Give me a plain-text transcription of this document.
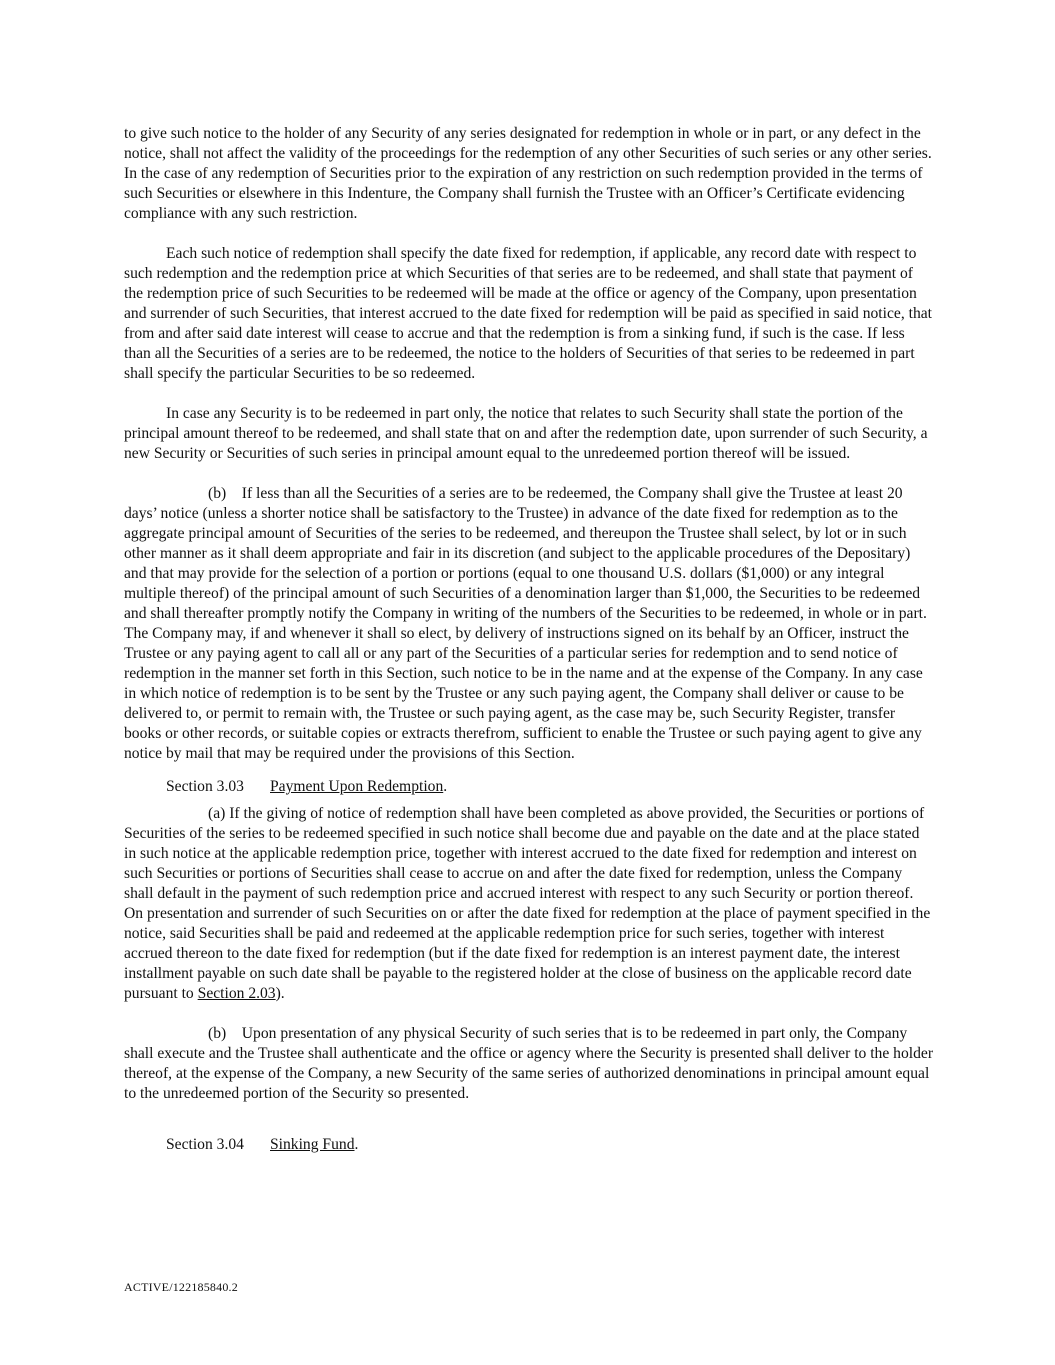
to give such notice to the holder of any Security of any series designated for redemption in whole or in part, or any defect in the notice, shall not affect the validity of the proceedings for the redemption of any other Securities of such series or any other series. In the case of any redemption of Securities prior to the expiration of any restriction on such redemption provided in the terms of such Securities or elsewhere in this Indenture, the Company shall furnish the Trustee with an Officer’s Certificate evidencing compliance with any such restriction.

Each such notice of redemption shall specify the date fixed for redemption, if applicable, any record date with respect to such redemption and the redemption price at which Securities of that series are to be redeemed, and shall state that payment of the redemption price of such Securities to be redeemed will be made at the office or agency of the Company, upon presentation and surrender of such Securities, that interest accrued to the date fixed for redemption will be paid as specified in said notice, that from and after said date interest will cease to accrue and that the redemption is from a sinking fund, if such is the case. If less than all the Securities of a series are to be redeemed, the notice to the holders of Securities of that series to be redeemed in part shall specify the particular Securities to be so redeemed.

In case any Security is to be redeemed in part only, the notice that relates to such Security shall state the portion of the principal amount thereof to be redeemed, and shall state that on and after the redemption date, upon surrender of such Security, a new Security or Securities of such series in principal amount equal to the unredeemed portion thereof will be issued.

(b)    If less than all the Securities of a series are to be redeemed, the Company shall give the Trustee at least 20 days’ notice (unless a shorter notice shall be satisfactory to the Trustee) in advance of the date fixed for redemption as to the aggregate principal amount of Securities of the series to be redeemed, and thereupon the Trustee shall select, by lot or in such other manner as it shall deem appropriate and fair in its discretion (and subject to the applicable procedures of the Depositary) and that may provide for the selection of a portion or portions (equal to one thousand U.S. dollars ($1,000) or any integral multiple thereof) of the principal amount of such Securities of a denomination larger than $1,000, the Securities to be redeemed and shall thereafter promptly notify the Company in writing of the numbers of the Securities to be redeemed, in whole or in part. The Company may, if and whenever it shall so elect, by delivery of instructions signed on its behalf by an Officer, instruct the Trustee or any paying agent to call all or any part of the Securities of a particular series for redemption and to send notice of redemption in the manner set forth in this Section, such notice to be in the name and at the expense of the Company. In any case in which notice of redemption is to be sent by the Trustee or any such paying agent, the Company shall deliver or cause to be delivered to, or permit to remain with, the Trustee or such paying agent, as the case may be, such Security Register, transfer books or other records, or suitable copies or extracts therefrom, sufficient to enable the Trustee or such paying agent to give any notice by mail that may be required under the provisions of this Section.

Section 3.03 Payment Upon Redemption.

(a) If the giving of notice of redemption shall have been completed as above provided, the Securities or portions of Securities of the series to be redeemed specified in such notice shall become due and payable on the date and at the place stated in such notice at the applicable redemption price, together with interest accrued to the date fixed for redemption and interest on such Securities or portions of Securities shall cease to accrue on and after the date fixed for redemption, unless the Company shall default in the payment of such redemption price and accrued interest with respect to any such Security or portion thereof. On presentation and surrender of such Securities on or after the date fixed for redemption at the place of payment specified in the notice, said Securities shall be paid and redeemed at the applicable redemption price for such series, together with interest accrued thereon to the date fixed for redemption (but if the date fixed for redemption is an interest payment date, the interest installment payable on such date shall be payable to the registered holder at the close of business on the applicable record date pursuant to Section 2.03).

(b)    Upon presentation of any physical Security of such series that is to be redeemed in part only, the Company shall execute and the Trustee shall authenticate and the office or agency where the Security is presented shall deliver to the holder thereof, at the expense of the Company, a new Security of the same series of authorized denominations in principal amount equal to the unredeemed portion of the Security so presented.

Section 3.04 Sinking Fund.

ACTIVE/122185840.2
